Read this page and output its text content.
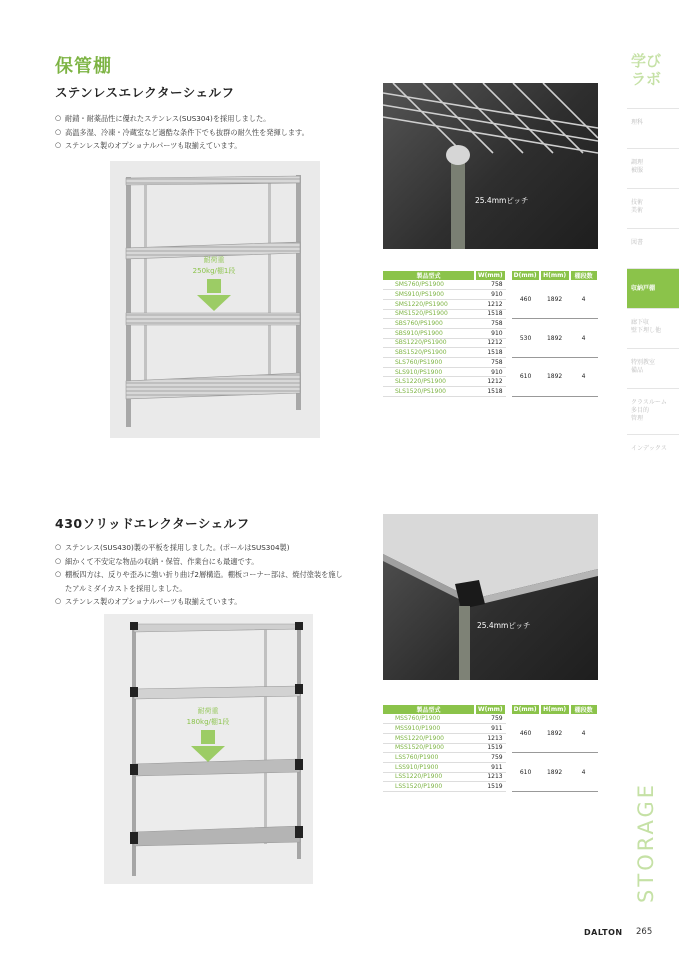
保管棚
ステンレスエレクターシェルフ
○ 耐錆・耐薬品性に優れたステンレス(SUS304)を採用しました。
○ 高温多湿、冷凍・冷蔵室など過酷な条件下でも抜群の耐久性を発揮します。
○ ステンレス製のオプショナルパーツも取揃えています。
耐荷重
250kg/棚1段
25.4mmピッチ
製品型式	W(mm)		D(mm)	H(mm)	棚段数
SMS760/PS1900	758		460	1892	4
SMS910/PS1900	910				
SMS1220/PS1900	1212				
SMS1520/PS1900	1518				
SBS760/PS1900	758		530	1892	4
SBS910/PS1900	910				
SBS1220/PS1900	1212				
SBS1520/PS1900	1518				
SLS760/PS1900	758		610	1892	4
SLS910/PS1900	910				
SLS1220/PS1900	1212				
SLS1520/PS1900	1518				
430ソリッドエレクターシェルフ
○ ステンレス(SUS430)製の平板を採用しました。(ポールはSUS304製)
○ 細かくて不安定な物品の収納・保管、作業台にも最適です。
○ 棚板四方は、反りや歪みに強い折り曲げ2層構造。棚板コーナー部は、焼付塗装を施し
たアルミダイカストを採用しました。
○ ステンレス製のオプショナルパーツも取揃えています。
耐荷重
180kg/棚1段
25.4mmピッチ
製品型式	W(mm)		D(mm)	H(mm)	棚段数
MSS760/P1900	759		460	1892	4
MSS910/P1900	911				
MSS1220/P1900	1213				
MSS1520/P1900	1519				
LSS760/P1900	759		610	1892	4
LSS910/P1900	911				
LSS1220/P1900	1213				
LSS1520/P1900	1519				
学び
ラボ
理科
調理
被服
技術
美術
図書
収納戸棚
廊下収
壁下埋し他
特別教室
備品
クラスルーム
多目的
管理
インデックス
STORAGE
DALTON 265
